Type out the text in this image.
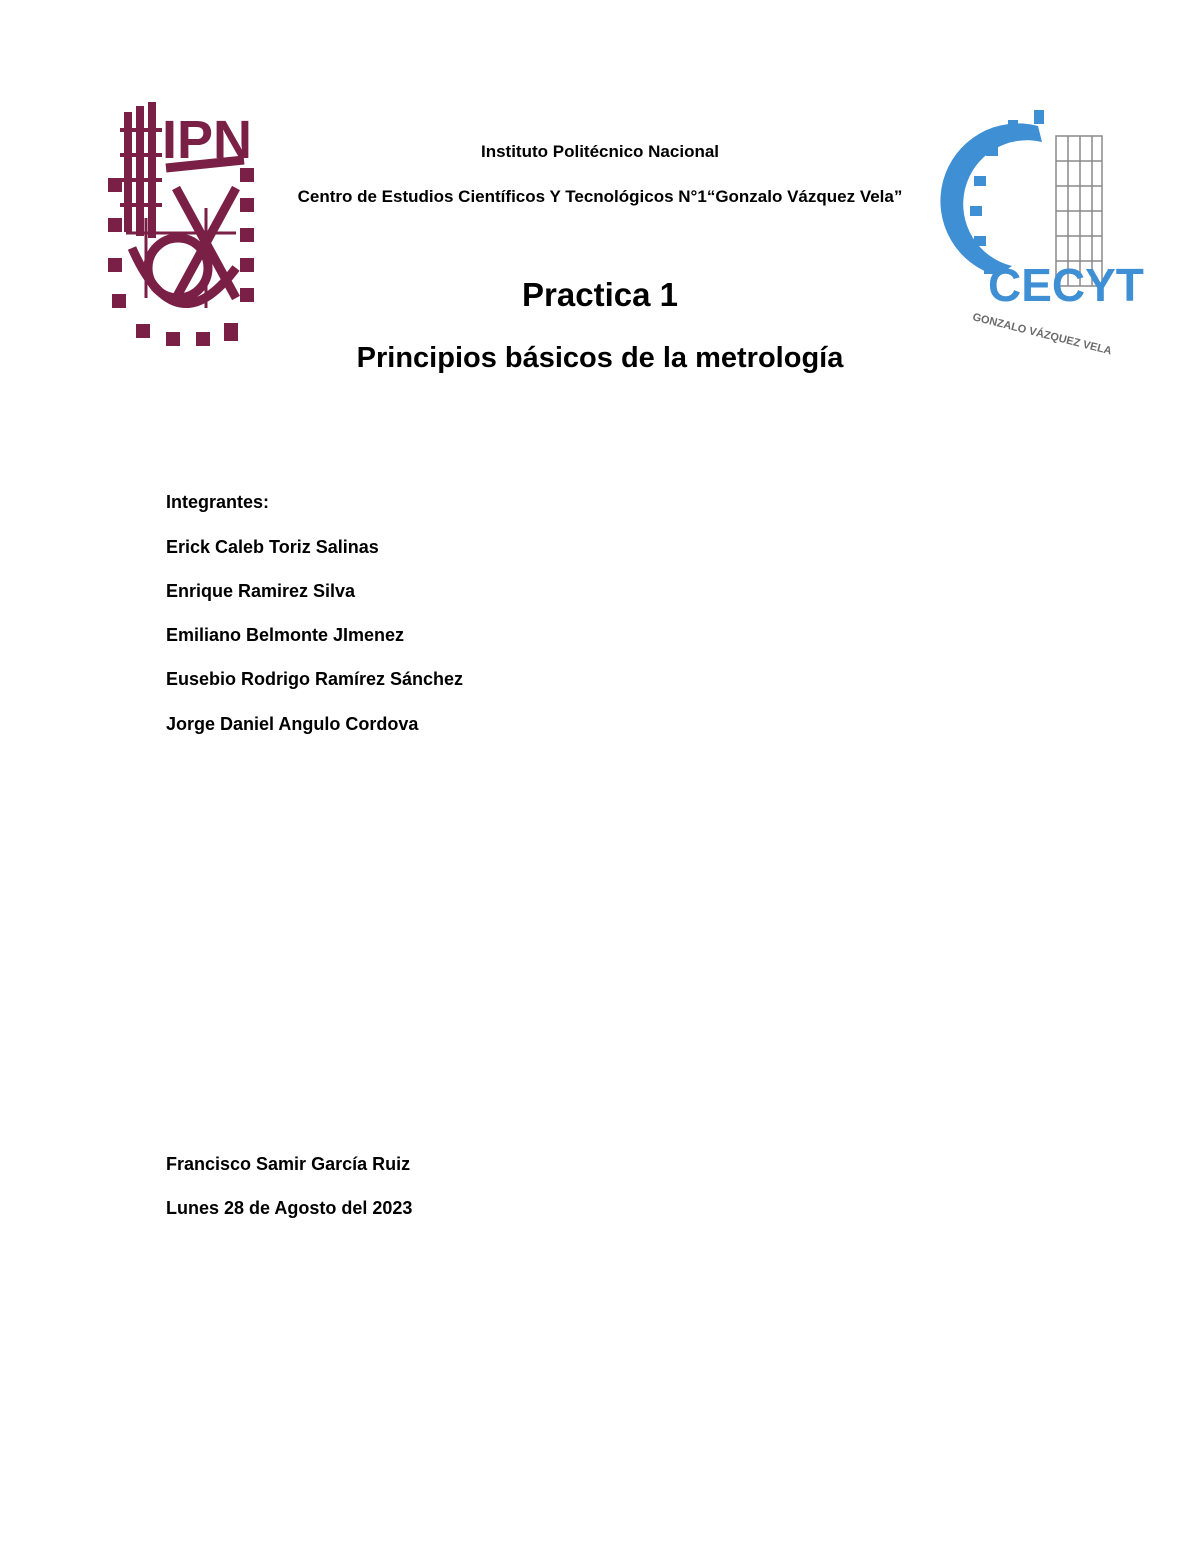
IPN
CECYT
GONZALO VÁZQUEZ VELA
Instituto Politécnico Nacional
Centro de Estudios Científicos Y Tecnológicos N°1“Gonzalo Vázquez Vela”
Practica 1
Principios básicos de la metrología
Integrantes:
Erick Caleb Toriz Salinas
Enrique Ramirez Silva
Emiliano Belmonte JImenez
Eusebio Rodrigo Ramírez Sánchez
Jorge Daniel Angulo Cordova
Francisco Samir García Ruiz
Lunes 28 de Agosto del 2023
